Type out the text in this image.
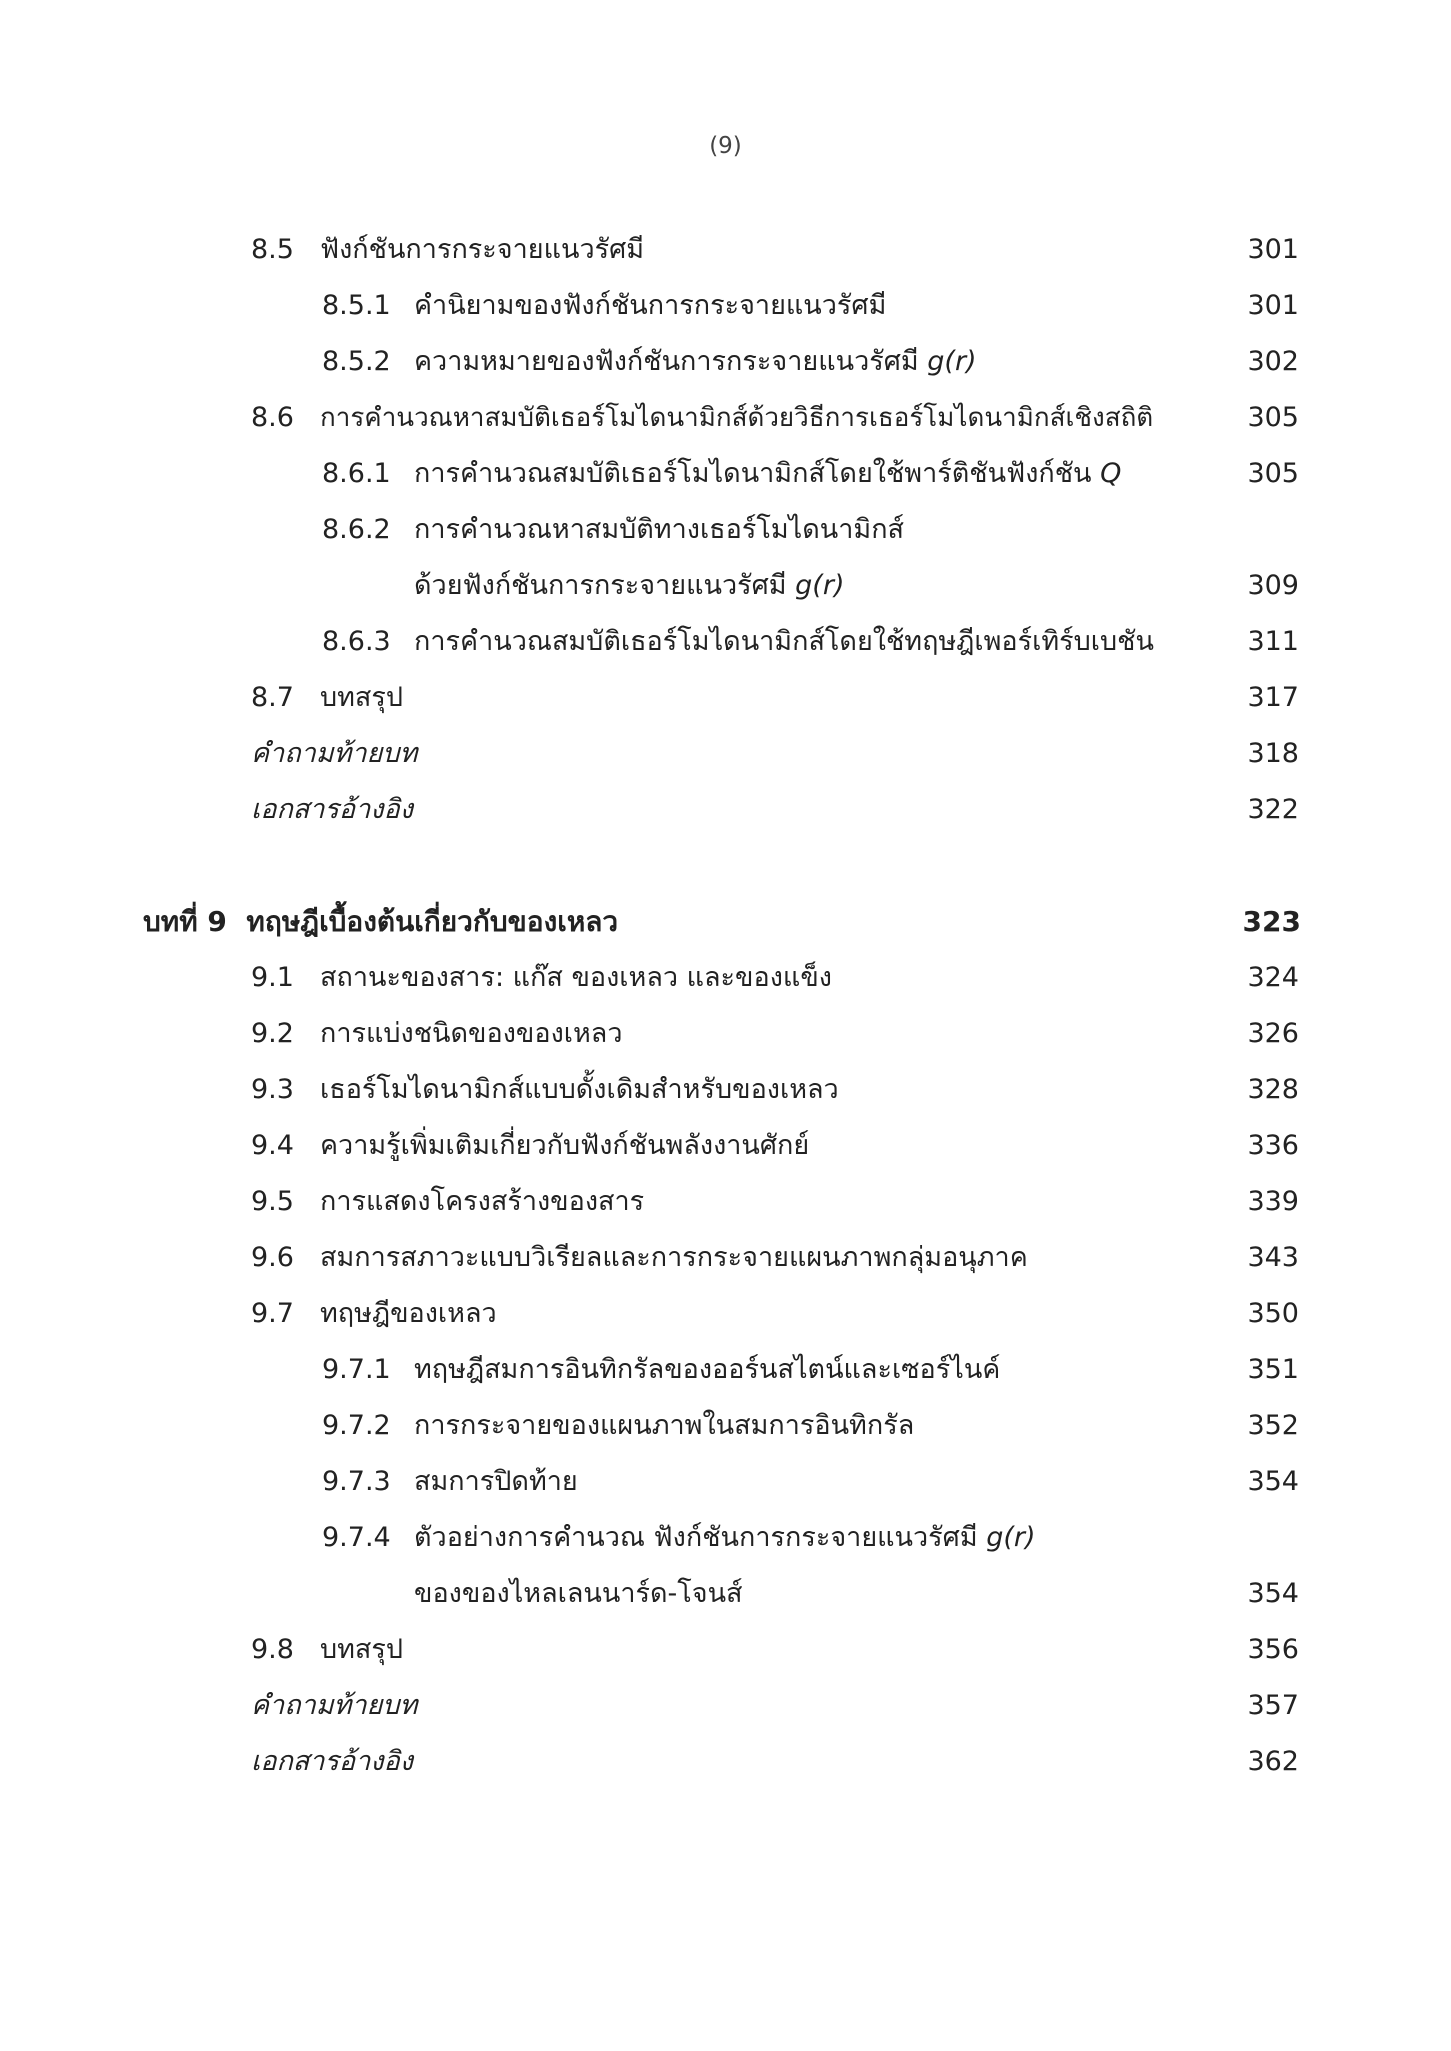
(9)
8.5 ฟังก์ชันการกระจายแนวรัศมี	301
8.5.1 คำนิยามของฟังก์ชันการกระจายแนวรัศมี	301
8.5.2 ความหมายของฟังก์ชันการกระจายแนวรัศมี g(r)	302
8.6 การคำนวณหาสมบัติเธอร์โมไดนามิกส์ด้วยวิธีการเธอร์โมไดนามิกส์เชิงสถิติ	305
8.6.1 การคำนวณสมบัติเธอร์โมไดนามิกส์โดยใช้พาร์ติชันฟังก์ชัน Q	305
8.6.2 การคำนวณหาสมบัติทางเธอร์โมไดนามิกส์
ด้วยฟังก์ชันการกระจายแนวรัศมี g(r)	309
8.6.3 การคำนวณสมบัติเธอร์โมไดนามิกส์โดยใช้ทฤษฎีเพอร์เทิร์บเบชัน	311
8.7 บทสรุป	317
คำถามท้ายบท	318
เอกสารอ้างอิง	322
บทที่ 9  ทฤษฎีเบื้องต้นเกี่ยวกับของเหลว	323
9.1 สถานะของสาร: แก๊ส ของเหลว และของแข็ง	324
9.2 การแบ่งชนิดของของเหลว	326
9.3 เธอร์โมไดนามิกส์แบบดั้งเดิมสำหรับของเหลว	328
9.4 ความรู้เพิ่มเติมเกี่ยวกับฟังก์ชันพลังงานศักย์	336
9.5 การแสดงโครงสร้างของสาร	339
9.6 สมการสภาวะแบบวิเรียลและการกระจายแผนภาพกลุ่มอนุภาค	343
9.7 ทฤษฎีของเหลว	350
9.7.1 ทฤษฎีสมการอินทิกรัลของออร์นสไตน์และเซอร์ไนค์	351
9.7.2 การกระจายของแผนภาพในสมการอินทิกรัล	352
9.7.3 สมการปิดท้าย	354
9.7.4 ตัวอย่างการคำนวณ ฟังก์ชันการกระจายแนวรัศมี g(r)
ของของไหลเลนนาร์ด-โจนส์	354
9.8 บทสรุป	356
คำถามท้ายบท	357
เอกสารอ้างอิง	362
